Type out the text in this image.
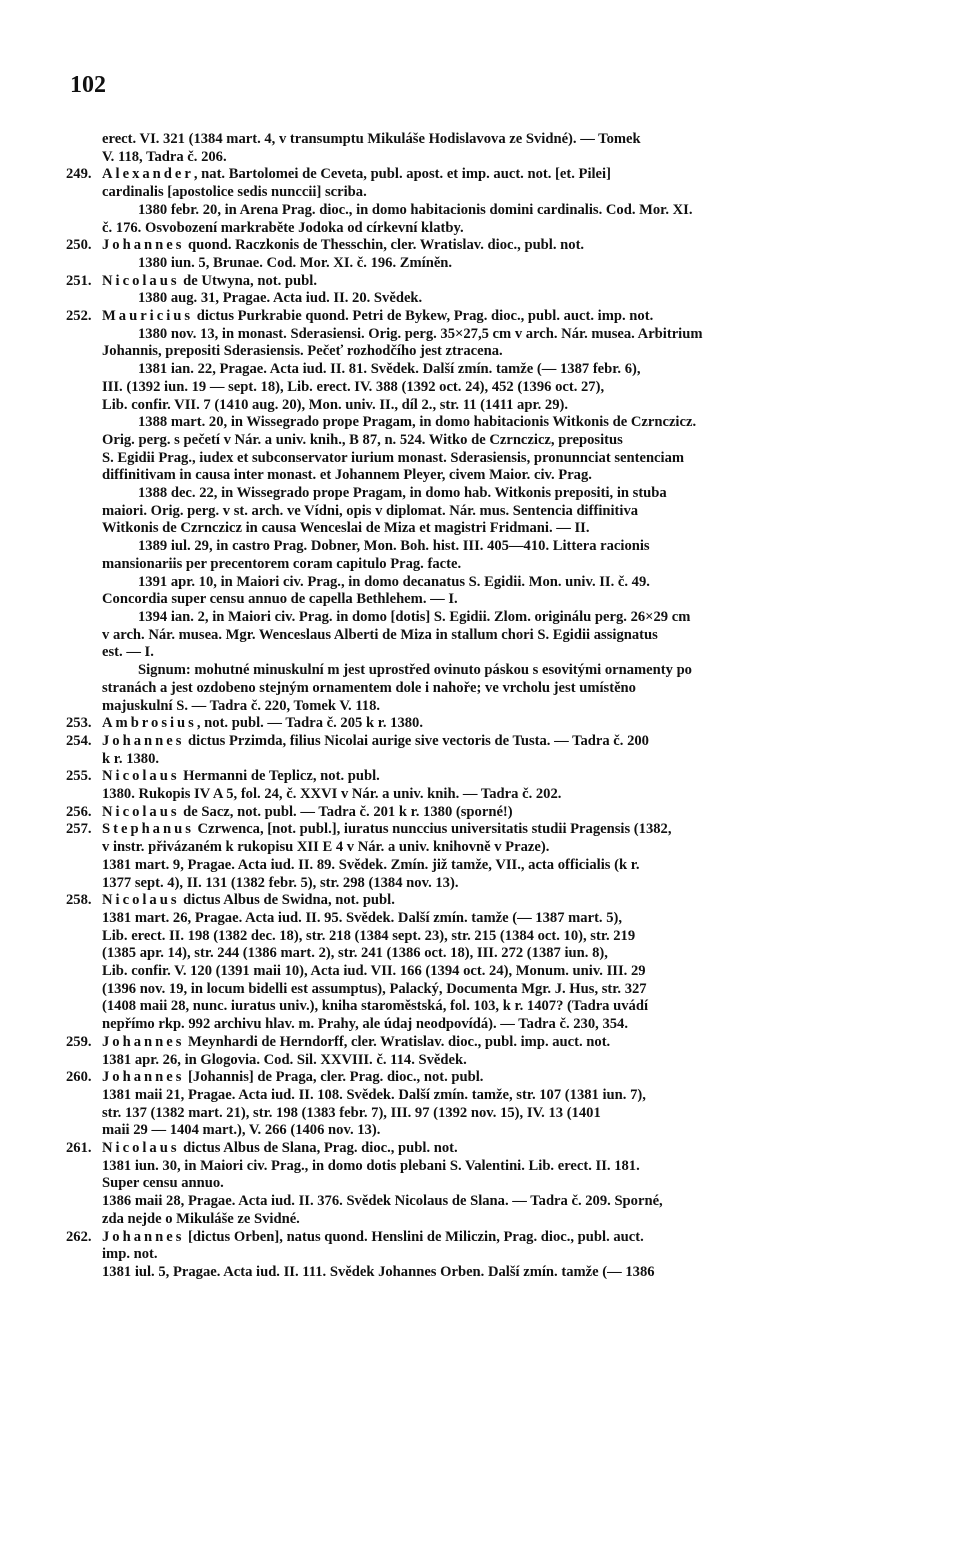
102
erect. VI. 321 (1384 mart. 4, v transumptu Mikuláše Hodislavova ze Svidné). — Tomek
V. 118, Tadra č. 206.
249. Alexander, nat. Bartolomei de Ceveta, publ. apost. et imp. auct. not. [et. Pilei]
cardinalis [apostolice sedis nunccii] scriba.
1380 febr. 20, in Arena Prag. dioc., in domo habitacionis domini cardinalis. Cod. Mor. XI.
č. 176. Osvobození markraběte Jodoka od církevní klatby.
250. Johannes quond. Raczkonis de Thesschin, cler. Wratislav. dioc., publ. not.
1380 iun. 5, Brunae. Cod. Mor. XI. č. 196. Zmíněn.
251. Nicolaus de Utwyna, not. publ.
1380 aug. 31, Pragae. Acta iud. II. 20. Svědek.
252. Mauricius dictus Purkrabie quond. Petri de Bykew, Prag. dioc., publ. auct. imp. not.
1380 nov. 13, in monast. Sderasiensi. Orig. perg. 35×27,5 cm v arch. Nár. musea. Arbitrium
Johannis, prepositi Sderasiensis. Pečeť rozhodčího jest ztracena.
1381 ian. 22, Pragae. Acta iud. II. 81. Svědek. Další zmín. tamže (— 1387 febr. 6),
III. (1392 iun. 19 — sept. 18), Lib. erect. IV. 388 (1392 oct. 24), 452 (1396 oct. 27),
Lib. confir. VII. 7 (1410 aug. 20), Mon. univ. II., díl 2., str. 11 (1411 apr. 29).
1388 mart. 20, in Wissegrado prope Pragam, in domo habitacionis Witkonis de Czrnczicz.
Orig. perg. s pečetí v Nár. a univ. knih., B 87, n. 524. Witko de Czrnczicz, prepositus
S. Egidii Prag., iudex et subconservator iurium monast. Sderasiensis, pronunnciat sentenciam
diffinitivam in causa inter monast. et Johannem Pleyer, civem Maior. civ. Prag.
1388 dec. 22, in Wissegrado prope Pragam, in domo hab. Witkonis prepositi, in stuba
maiori. Orig. perg. v st. arch. ve Vídni, opis v diplomat. Nár. mus. Sentencia diffinitiva
Witkonis de Czrnczicz in causa Wenceslai de Miza et magistri Fridmani. — II.
1389 iul. 29, in castro Prag. Dobner, Mon. Boh. hist. III. 405—410. Littera racionis
mansionariis per precentorem coram capitulo Prag. facte.
1391 apr. 10, in Maiori civ. Prag., in domo decanatus S. Egidii. Mon. univ. II. č. 49.
Concordia super censu annuo de capella Bethlehem. — I.
1394 ian. 2, in Maiori civ. Prag. in domo [dotis] S. Egidii. Zlom. originálu perg. 26×29 cm
v arch. Nár. musea. Mgr. Wenceslaus Alberti de Miza in stallum chori S. Egidii assignatus
est. — I.
Signum: mohutné minuskulní m jest uprostřed ovinuto páskou s esovitými ornamenty po
stranách a jest ozdobeno stejným ornamentem dole i nahoře; ve vrcholu jest umístěno
majuskulní S. — Tadra č. 220, Tomek V. 118.
253. Ambrosius, not. publ. — Tadra č. 205 k r. 1380.
254. Johannes dictus Przimda, filius Nicolai aurige sive vectoris de Tusta. — Tadra č. 200
k r. 1380.
255. Nicolaus Hermanni de Teplicz, not. publ.
1380. Rukopis IV A 5, fol. 24, č. XXVI v Nár. a univ. knih. — Tadra č. 202.
256. Nicolaus de Sacz, not. publ. — Tadra č. 201 k r. 1380 (sporné!)
257. Stephanus Czrwenca, [not. publ.], iuratus nunccius universitatis studii Pragensis (1382,
v instr. přivázaném k rukopisu XII E 4 v Nár. a univ. knihovně v Praze).
1381 mart. 9, Pragae. Acta iud. II. 89. Svědek. Zmín. již tamže, VII., acta officialis (k r.
1377 sept. 4), II. 131 (1382 febr. 5), str. 298 (1384 nov. 13).
258. Nicolaus dictus Albus de Swidna, not. publ.
1381 mart. 26, Pragae. Acta iud. II. 95. Svědek. Další zmín. tamže (— 1387 mart. 5),
Lib. erect. II. 198 (1382 dec. 18), str. 218 (1384 sept. 23), str. 215 (1384 oct. 10), str. 219
(1385 apr. 14), str. 244 (1386 mart. 2), str. 241 (1386 oct. 18), III. 272 (1387 iun. 8),
Lib. confir. V. 120 (1391 maii 10), Acta iud. VII. 166 (1394 oct. 24), Monum. univ. III. 29
(1396 nov. 19, in locum bidelli est assumptus), Palacký, Documenta Mgr. J. Hus, str. 327
(1408 maii 28, nunc. iuratus univ.), kniha staroměstská, fol. 103, k r. 1407? (Tadra uvádí
nepřímo rkp. 992 archivu hlav. m. Prahy, ale údaj neodpovídá). — Tadra č. 230, 354.
259. Johannes Meynhardi de Herndorff, cler. Wratislav. dioc., publ. imp. auct. not.
1381 apr. 26, in Glogovia. Cod. Sil. XXVIII. č. 114. Svědek.
260. Johannes [Johannis] de Praga, cler. Prag. dioc., not. publ.
1381 maii 21, Pragae. Acta iud. II. 108. Svědek. Další zmín. tamže, str. 107 (1381 iun. 7),
str. 137 (1382 mart. 21), str. 198 (1383 febr. 7), III. 97 (1392 nov. 15), IV. 13 (1401
maii 29 — 1404 mart.), V. 266 (1406 nov. 13).
261. Nicolaus dictus Albus de Slana, Prag. dioc., publ. not.
1381 iun. 30, in Maiori civ. Prag., in domo dotis plebani S. Valentini. Lib. erect. II. 181.
Super censu annuo.
1386 maii 28, Pragae. Acta iud. II. 376. Svědek Nicolaus de Slana. — Tadra č. 209. Sporné,
zda nejde o Mikuláše ze Svidné.
262. Johannes [dictus Orben], natus quond. Henslini de Miliczin, Prag. dioc., publ. auct.
imp. not.
1381 iul. 5, Pragae. Acta iud. II. 111. Svědek Johannes Orben. Další zmín. tamže (— 1386
